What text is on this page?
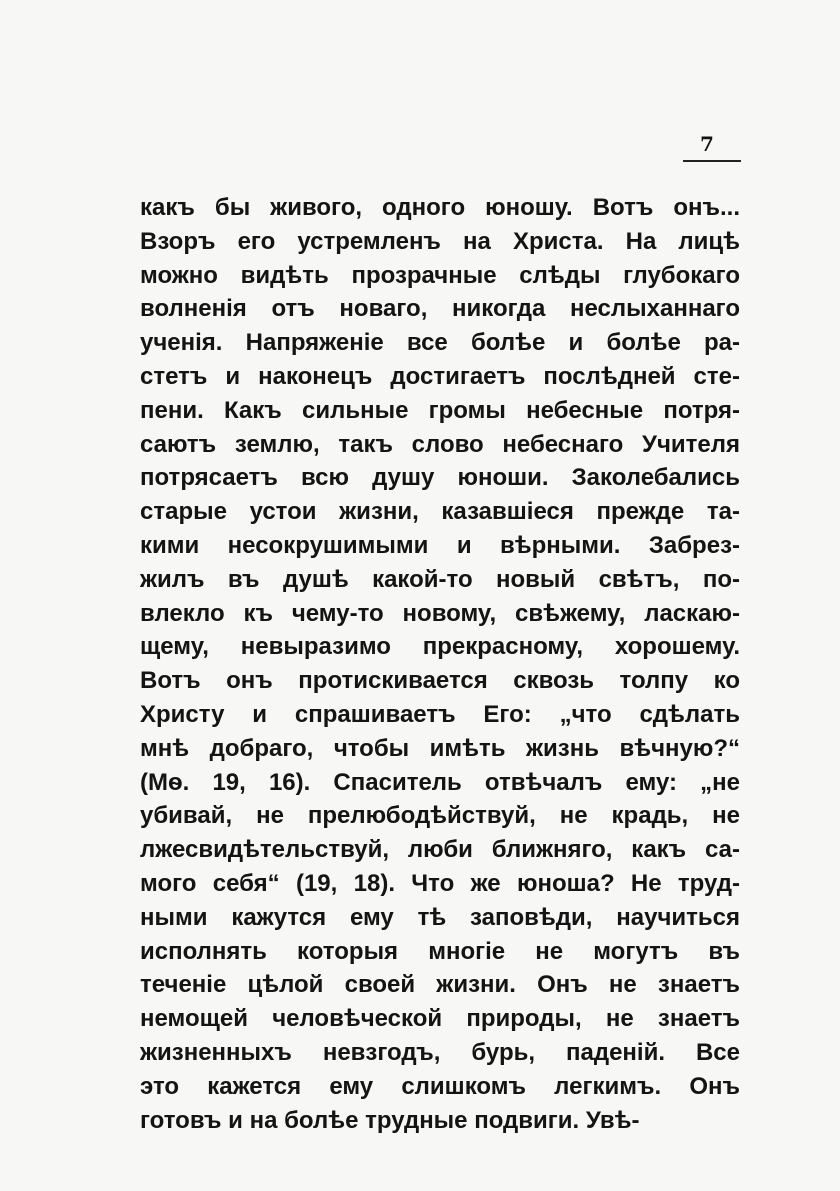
7
какъ бы живого, одного юношу. Вотъ онъ...
Взоръ его устремленъ на Христа. На лицѣ
можно видѣть прозрачные слѣды глубокаго
волненія отъ новаго, никогда неслыханнаго
ученія. Напряженіе все болѣе и болѣе ра-
стетъ и наконецъ достигаетъ послѣдней сте-
пени. Какъ сильные громы небесные потря-
саютъ землю, такъ слово небеснаго Учителя
потрясаетъ всю душу юноши. Заколебались
старые устои жизни, казавшіеся прежде та-
кими несокрушимыми и вѣрными. Забрез-
жилъ въ душѣ какой-то новый свѣтъ, по-
влекло къ чему-то новому, свѣжему, ласкаю-
щему, невыразимо прекрасному, хорошему.
Вотъ онъ протискивается сквозь толпу ко
Христу и спрашиваетъ Его: „что сдѣлать
мнѣ добраго, чтобы имѣть жизнь вѣчную?“
(Мѳ. 19, 16). Спаситель отвѣчалъ ему: „не
убивай, не прелюбодѣйствуй, не крадь, не
лжесвидѣтельствуй, люби ближняго, какъ са-
мого себя“ (19, 18). Что же юноша? Не труд-
ными кажутся ему тѣ заповѣди, научиться
исполнять которыя многіе не могутъ въ
теченіе цѣлой своей жизни. Онъ не знаетъ
немощей человѣческой природы, не знаетъ
жизненныхъ невзгодъ, бурь, паденій. Все
это кажется ему слишкомъ легкимъ. Онъ
готовъ и на болѣе трудные подвиги. Увѣ-
